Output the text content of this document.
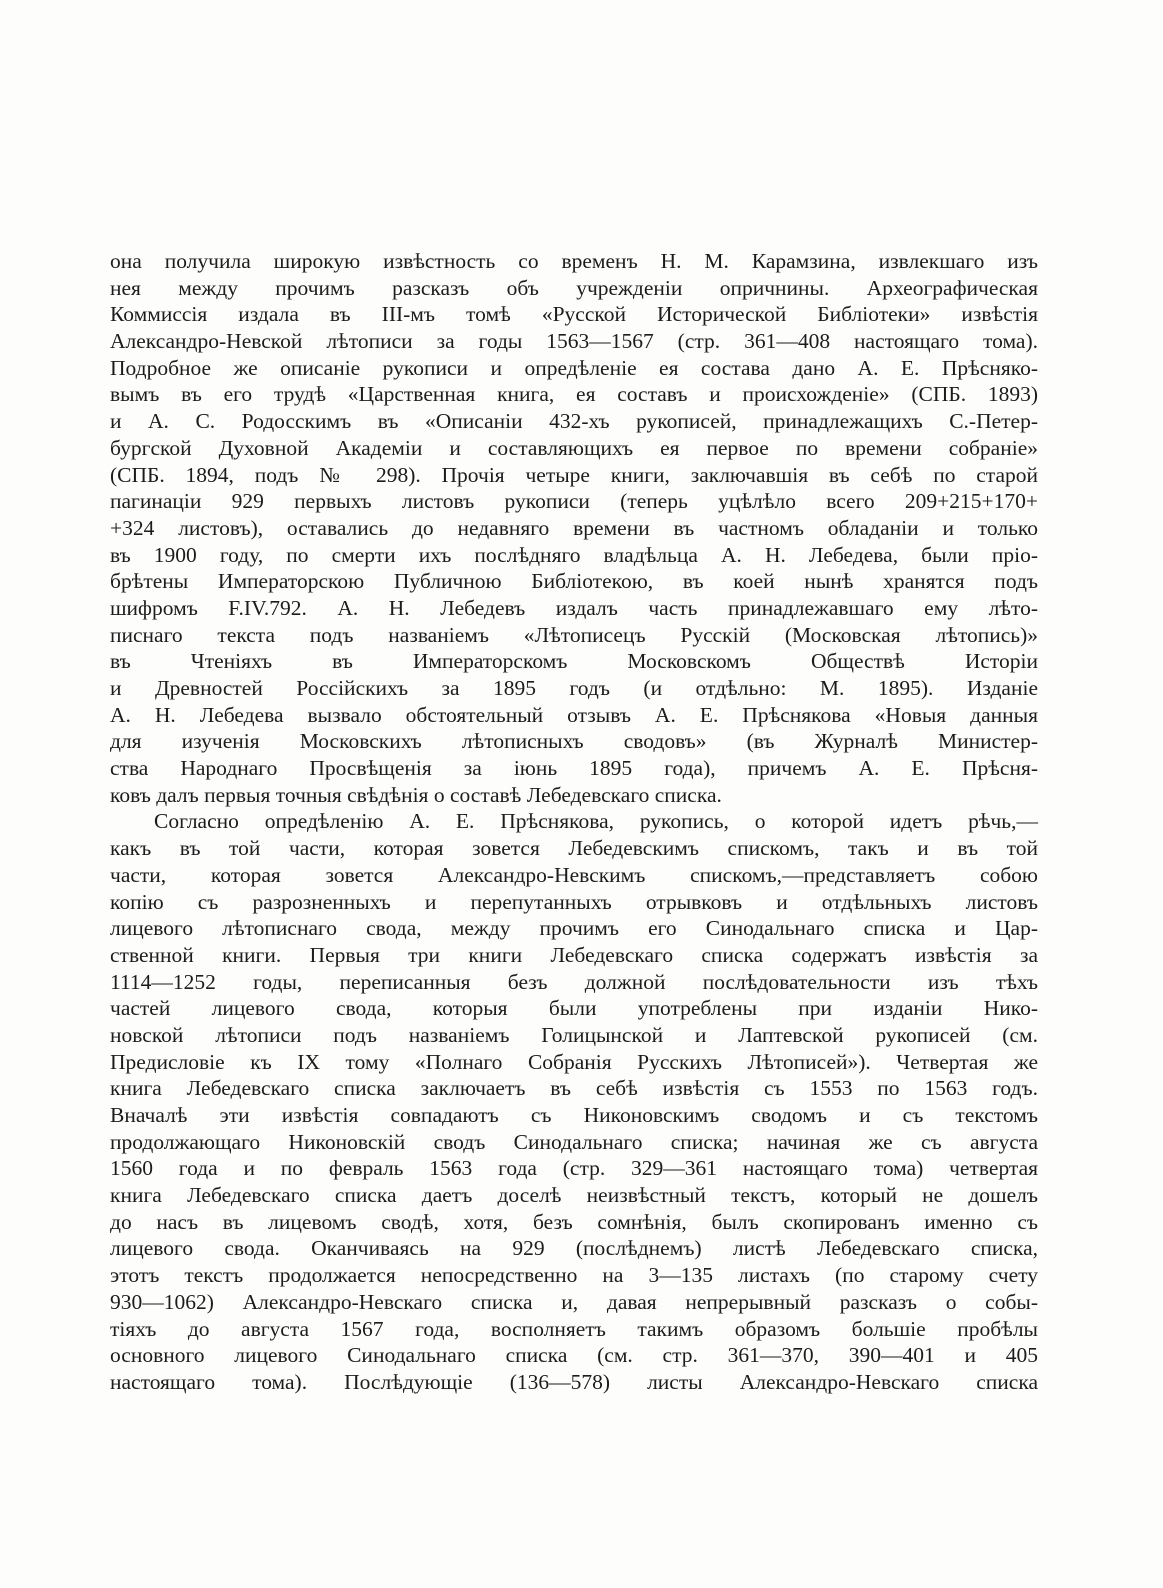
она получила широкую извѣстность со временъ Н. М. Карамзина, извлекшаго изъ
нея между прочимъ разсказъ объ учрежденіи опричнины. Археографическая
Коммиссія издала въ III-мъ томѣ «Русской Исторической Библіотеки» извѣстія
Александро-Невской лѣтописи за годы 1563—1567 (стр. 361—408 настоящаго тома).
Подробное же описаніе рукописи и опредѣленіе ея состава дано А. Е. Прѣсняко-
вымъ въ его трудѣ «Царственная книга, ея составъ и происхожденіе» (СПБ. 1893)
и А. С. Родосскимъ въ «Описаніи 432-хъ рукописей, принадлежащихъ С.-Петер-
бургской Духовной Академіи и составляющихъ ея первое по времени собраніе»
(СПБ. 1894, подъ № 298). Прочія четыре книги, заключавшія въ себѣ по старой
пагинаціи 929 первыхъ листовъ рукописи (теперь уцѣлѣло всего 209+215+170+
+324 листовъ), оставались до недавняго времени въ частномъ обладаніи и только
въ 1900 году, по смерти ихъ послѣдняго владѣльца А. Н. Лебедева, были пріо-
брѣтены Императорскою Публичною Библіотекою, въ коей нынѣ хранятся подъ
шифромъ F.IV.792. А. Н. Лебедевъ издалъ часть принадлежавшаго ему лѣто-
писнаго текста подъ названіемъ «Лѣтописецъ Русскій (Московская лѣтопись)»
въ Чтеніяхъ въ Императорскомъ Московскомъ Обществѣ Исторіи
и Древностей Россійскихъ за 1895 годъ (и отдѣльно: М. 1895). Изданіе
А. Н. Лебедева вызвало обстоятельный отзывъ А. Е. Прѣснякова «Новыя данныя
для изученія Московскихъ лѣтописныхъ сводовъ» (въ Журналѣ Министер-
ства Народнаго Просвѣщенія за іюнь 1895 года), причемъ А. Е. Прѣсня-
ковъ далъ первыя точныя свѣдѣнія о составѣ Лебедевскаго списка.
Согласно опредѣленію А. Е. Прѣснякова, рукопись, о которой идетъ рѣчь,—
какъ въ той части, которая зовется Лебедевскимъ спискомъ, такъ и въ той
части, которая зовется Александро-Невскимъ спискомъ,—представляетъ собою
копію съ разрозненныхъ и перепутанныхъ отрывковъ и отдѣльныхъ листовъ
лицевого лѣтописнаго свода, между прочимъ его Синодальнаго списка и Цар-
ственной книги. Первыя три книги Лебедевскаго списка содержатъ извѣстія за
1114—1252 годы, переписанныя безъ должной послѣдовательности изъ тѣхъ
частей лицевого свода, которыя были употреблены при изданіи Нико-
новской лѣтописи подъ названіемъ Голицынской и Лаптевской рукописей (см.
Предисловіе къ IX тому «Полнаго Собранія Русскихъ Лѣтописей»). Четвертая же
книга Лебедевскаго списка заключаетъ въ себѣ извѣстія съ 1553 по 1563 годъ.
Вначалѣ эти извѣстія совпадаютъ съ Никоновскимъ сводомъ и съ текстомъ
продолжающаго Никоновскій сводъ Синодальнаго списка; начиная же съ августа
1560 года и по февраль 1563 года (стр. 329—361 настоящаго тома) четвертая
книга Лебедевскаго списка даетъ доселѣ неизвѣстный текстъ, который не дошелъ
до насъ въ лицевомъ сводѣ, хотя, безъ сомнѣнія, былъ скопированъ именно съ
лицевого свода. Оканчиваясь на 929 (послѣднемъ) листѣ Лебедевскаго списка,
этотъ текстъ продолжается непосредственно на 3—135 листахъ (по старому счету
930—1062) Александро-Невскаго списка и, давая непрерывный разсказъ о собы-
тіяхъ до августа 1567 года, восполняетъ такимъ образомъ большіе пробѣлы
основного лицевого Синодальнаго списка (см. стр. 361—370, 390—401 и 405
настоящаго тома). Послѣдующіе (136—578) листы Александро-Невскаго списка
